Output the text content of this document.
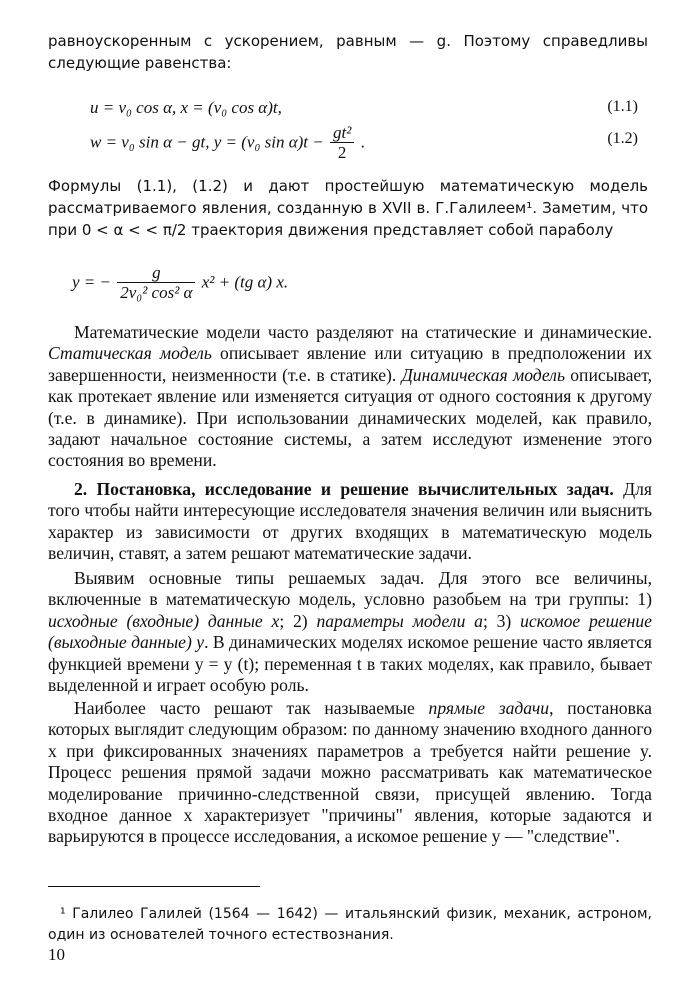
равноускоренным с ускорением, равным — g. Поэтому справедливы следующие равенства:
u = v₀ cos α, x = (v₀ cos α)t,	(1.1)
w = v₀ sin α − gt, y = (v₀ $\sin \alpha)t - \frac{\text{gt²}}{2}$ .	(1.2)
Формулы (1.1), (1.2) и дают простейшую математическую модель рассматриваемого явления, созданную в XVII в. Г.Галилеем¹. Заметим, что при 0 < α < < π/2 траектория движения представляет собой параболу
y = − $\frac{g}{\text{2v₀² cos² α}} x^2 + (tg$ α) x.

Математические модели часто разделяют на статические и динамические. Статическая модель описывает явление или ситуацию в предположении их завершенности, неизменности (т.е. в статике). Динамическая модель описывает, как протекает явление или изменяется ситуация от одного состояния к другому (т.е. в динамике). При использовании динамических моделей, как правило, задают начальное состояние системы, а затем исследуют изменение этого состояния во времени.

2. Постановка, исследование и решение вычислительных задач. Для того чтобы найти интересующие исследователя значения величин или выяснить характер из зависимости от других входящих в математическую модель величин, ставят, а затем решают математические задачи.

Выявим основные типы решаемых задач. Для этого все величины, включенные в математическую модель, условно разобьем на три группы: 1) исходные (входные) данные x; 2) параметры модели a; 3) искомое решение (выходные данные) y. В динамических моделях искомое решение часто является функцией времени y = y (t); переменная t в таких моделях, как правило, бывает выделенной и играет особую роль.

Наиболее часто решают так называемые прямые задачи, постановка которых выглядит следующим образом: по данному значению входного данного x при фиксированных значениях параметров a требуется найти решение y. Процесс решения прямой задачи можно рассматривать как математическое моделирование причинно-следственной связи, присущей явлению. Тогда входное данное x характеризует "причины" явления, которые задаются и варьируются в процессе исследования, а искомое решение y — "следствие".

¹ Галилео Галилей (1564 — 1642) — итальянский физик, механик, астроном, один из основателей точного естествознания.
10
